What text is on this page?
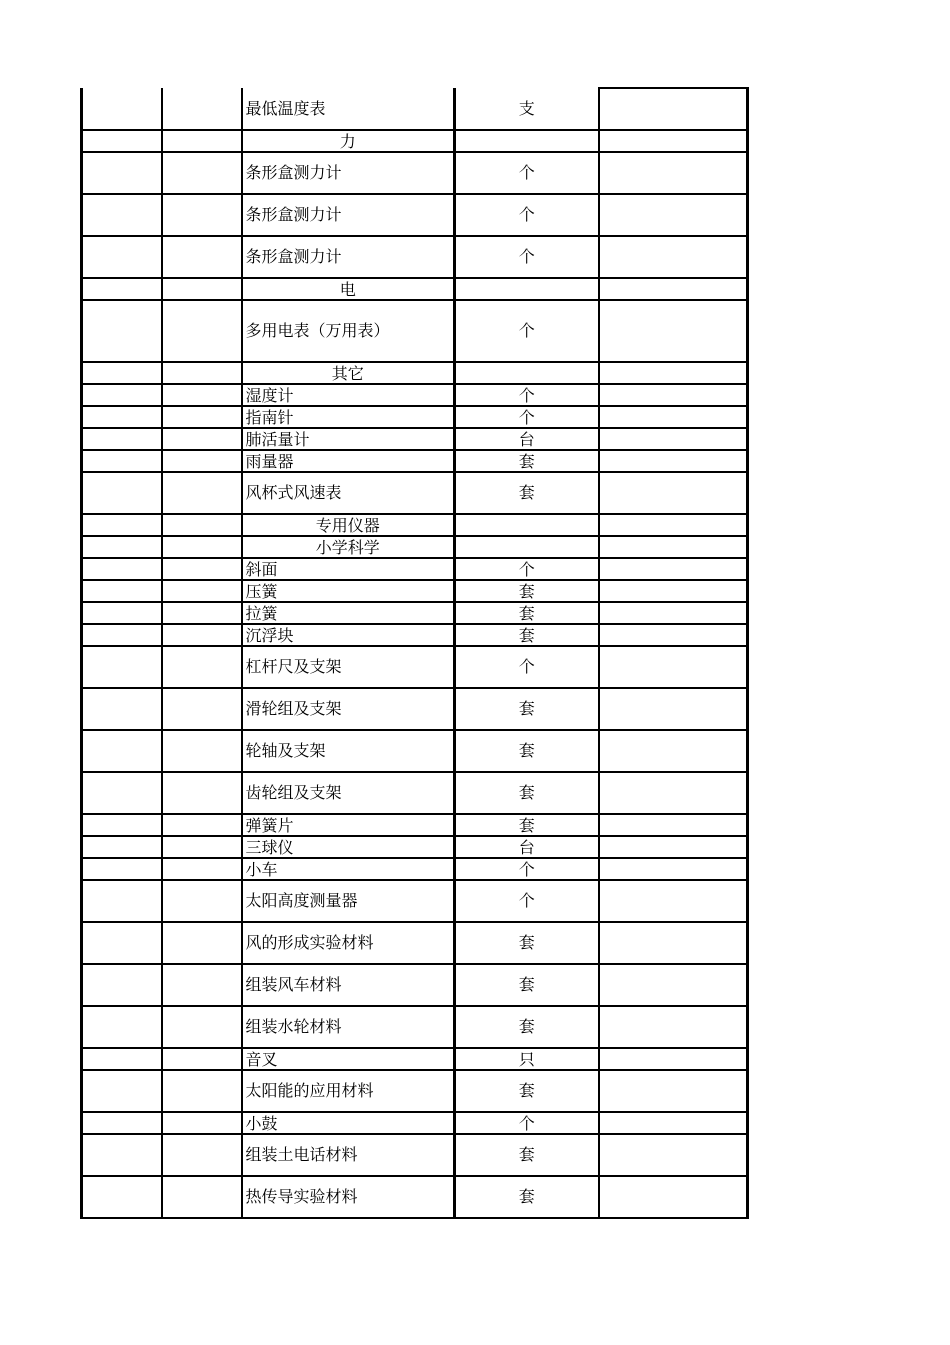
		最低温度表	支	
		力		
		条形盒测力计	个	
		条形盒测力计	个	
		条形盒测力计	个	
		电		
		多用电表（万用表）	个	
		其它		
		湿度计	个	
		指南针	个	
		肺活量计	台	
		雨量器	套	
		风杯式风速表	套	
		专用仪器		
		小学科学		
		斜面	个	
		压簧	套	
		拉簧	套	
		沉浮块	套	
		杠杆尺及支架	个	
		滑轮组及支架	套	
		轮轴及支架	套	
		齿轮组及支架	套	
		弹簧片	套	
		三球仪	台	
		小车	个	
		太阳高度测量器	个	
		风的形成实验材料	套	
		组装风车材料	套	
		组装水轮材料	套	
		音叉	只	
		太阳能的应用材料	套	
		小鼓	个	
		组装土电话材料	套	
		热传导实验材料	套	
